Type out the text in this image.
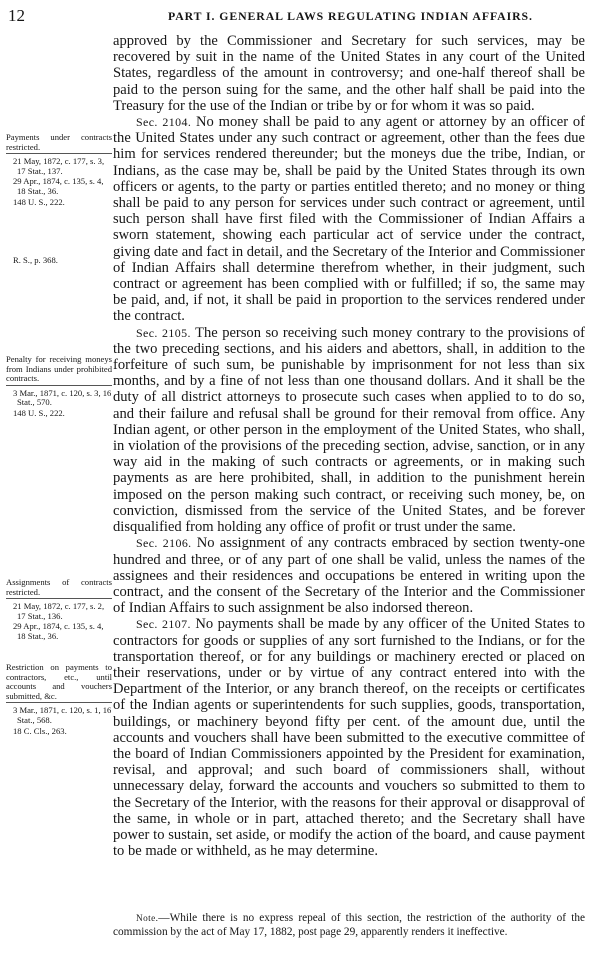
12	PART I. GENERAL LAWS REGULATING INDIAN AFFAIRS.
Payments under contracts restricted.
21 May, 1872, c. 177, s. 3, 17 Stat., 137.
29 Apr., 1874, c. 135, s. 4, 18 Stat., 36.
148 U. S., 222.
R. S., p. 368.
Penalty for receiving moneys from Indians under prohibited contracts.
3 Mar., 1871, c. 120, s. 3, 16 Stat., 570.
148 U. S., 222.
Assignments of contracts restricted.
21 May, 1872, c. 177, s. 2, 17 Stat., 136.
29 Apr., 1874, c. 135, s. 4, 18 Stat., 36.
Restriction on payments to contractors, etc., until accounts and vouchers submitted, &c.
3 Mar., 1871, c. 120, s. 1, 16 Stat., 568.
18 C. Cls., 263.

approved by the Commissioner and Secretary for such services, may be recovered by suit in the name of the United States in any court of the United States, regardless of the amount in controversy; and one-half thereof shall be paid to the person suing for the same, and the other half shall be paid into the Treasury for the use of the Indian or tribe by or for whom it was so paid.

Sec. 2104. No money shall be paid to any agent or attorney by an officer of the United States under any such contract or agreement, other than the fees due him for services rendered thereunder; but the moneys due the tribe, Indian, or Indians, as the case may be, shall be paid by the United States through its own officers or agents, to the party or parties entitled thereto; and no money or thing shall be paid to any person for services under such contract or agreement, until such person shall have first filed with the Commissioner of Indian Affairs a sworn statement, showing each particular act of service under the contract, giving date and fact in detail, and the Secretary of the Interior and Commissioner of Indian Affairs shall determine therefrom whether, in their judgment, such contract or agreement has been complied with or fulfilled; if so, the same may be paid, and, if not, it shall be paid in proportion to the services rendered under the contract.

Sec. 2105. The person so receiving such money contrary to the provisions of the two preceding sections, and his aiders and abettors, shall, in addition to the forfeiture of such sum, be punishable by imprisonment for not less than six months, and by a fine of not less than one thousand dollars. And it shall be the duty of all district attorneys to prosecute such cases when applied to to do so, and their failure and refusal shall be ground for their removal from office. Any Indian agent, or other person in the employment of the United States, who shall, in violation of the provisions of the preceding section, advise, sanction, or in any way aid in the making of such contracts or agreements, or in making such payments as are here prohibited, shall, in addition to the punishment herein imposed on the person making such contract, or receiving such money, be, on conviction, dismissed from the service of the United States, and be forever disqualified from holding any office of profit or trust under the same.

Sec. 2106. No assignment of any contracts embraced by section twenty-one hundred and three, or of any part of one shall be valid, unless the names of the assignees and their residences and occupations be entered in writing upon the contract, and the consent of the Secretary of the Interior and the Commissioner of Indian Affairs to such assignment be also indorsed thereon.

Sec. 2107. No payments shall be made by any officer of the United States to contractors for goods or supplies of any sort furnished to the Indians, or for the transportation thereof, or for any buildings or machinery erected or placed on their reservations, under or by virtue of any contract entered into with the Department of the Interior, or any branch thereof, on the receipts or certificates of the Indian agents or superintendents for such supplies, goods, transportation, buildings, or machinery beyond fifty per cent. of the amount due, until the accounts and vouchers shall have been submitted to the executive committee of the board of Indian Commissioners appointed by the President for examination, revisal, and approval; and such board of commissioners shall, without unnecessary delay, forward the accounts and vouchers so submitted to them to the Secretary of the Interior, with the reasons for their approval or disapproval of the same, in whole or in part, attached thereto; and the Secretary shall have power to sustain, set aside, or modify the action of the board, and cause payment to be made or withheld, as he may determine.

Note.—While there is no express repeal of this section, the restriction of the authority of the commission by the act of May 17, 1882, post page 29, apparently renders it ineffective.
